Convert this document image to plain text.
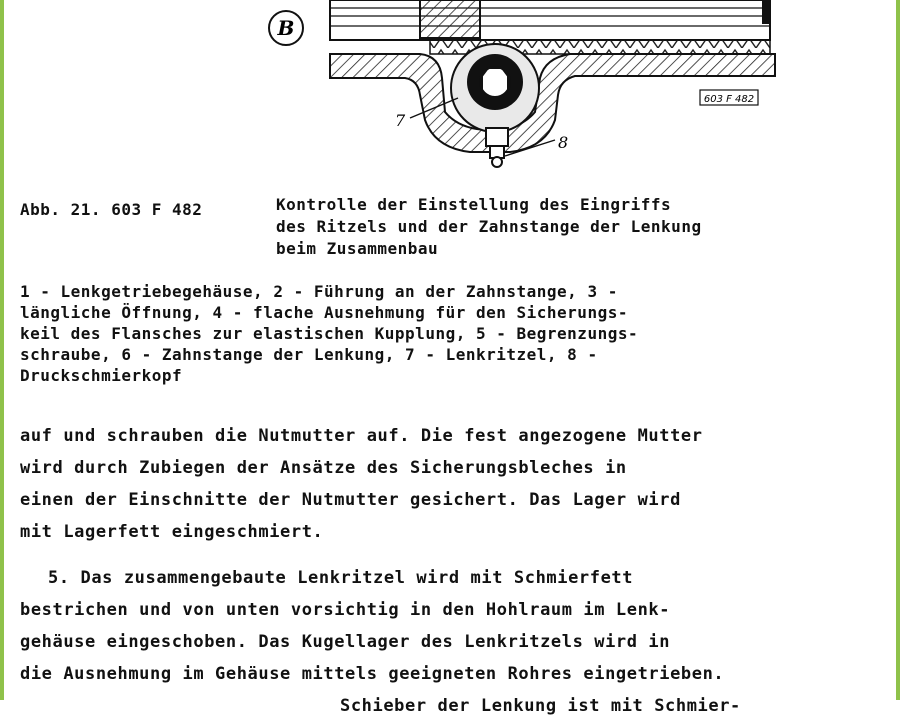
B
7
8
603 F 482
Abb. 21. 603 F 482	Kontrolle der Einstellung des Eingriffs
des Ritzels und der Zahnstange der Lenkung
beim Zusammenbau
1 - Lenkgetriebegehäuse, 2 - Führung an der Zahnstange, 3 -
längliche Öffnung, 4 - flache Ausnehmung für den Sicherungs-
keil des Flansches zur elastischen Kupplung, 5 - Begrenzungs-
schraube, 6 - Zahnstange der Lenkung, 7 - Lenkritzel, 8 -
Druckschmierkopf
auf und schrauben die Nutmutter auf. Die fest angezogene Mutter
wird durch Zubiegen der Ansätze des Sicherungsbleches in
einen der Einschnitte der Nutmutter gesichert. Das Lager wird
mit Lagerfett eingeschmiert.
5. Das zusammengebaute Lenkritzel wird mit Schmierfett
bestrichen und von unten vorsichtig in den Hohlraum im Lenk-
gehäuse eingeschoben. Das Kugellager des Lenkritzels wird in
die Ausnehmung im Gehäuse mittels geeigneten Rohres eingetrieben.
Schieber der Lenkung ist mit Schmier-
